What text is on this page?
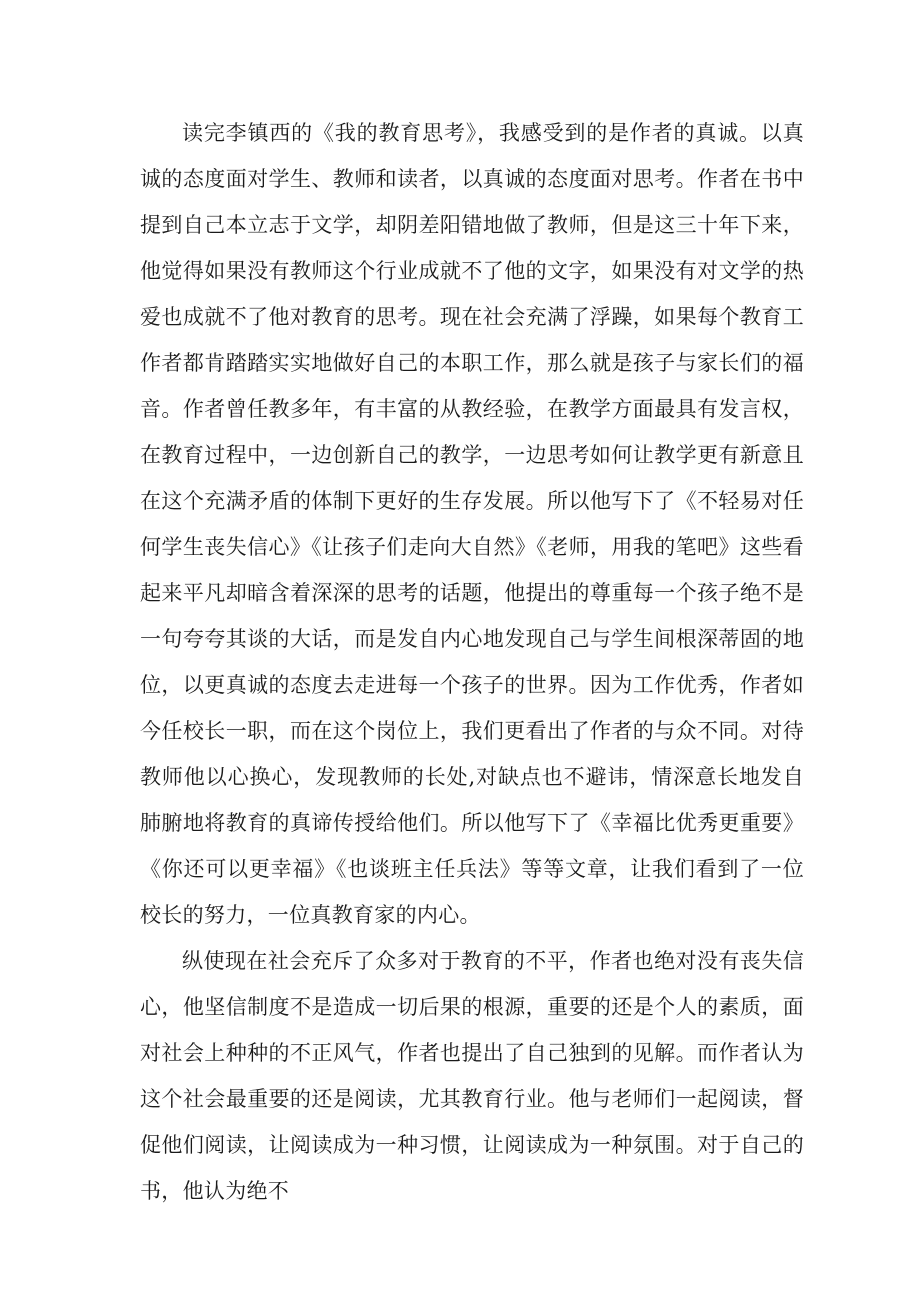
读完李镇西的《我的教育思考》，我感受到的是作者的真诚。以真诚的态度面对学生、教师和读者，以真诚的态度面对思考。作者在书中提到自己本立志于文学，却阴差阳错地做了教师，但是这三十年下来，他觉得如果没有教师这个行业成就不了他的文字，如果没有对文学的热爱也成就不了他对教育的思考。现在社会充满了浮躁，如果每个教育工作者都肯踏踏实实地做好自己的本职工作，那么就是孩子与家长们的福音。作者曾任教多年，有丰富的从教经验，在教学方面最具有发言权，在教育过程中，一边创新自己的教学，一边思考如何让教学更有新意且在这个充满矛盾的体制下更好的生存发展。所以他写下了《不轻易对任何学生丧失信心》《让孩子们走向大自然》《老师，用我的笔吧》这些看起来平凡却暗含着深深的思考的话题，他提出的尊重每一个孩子绝不是一句夸夸其谈的大话，而是发自内心地发现自己与学生间根深蒂固的地位，以更真诚的态度去走进每一个孩子的世界。因为工作优秀，作者如今任校长一职，而在这个岗位上，我们更看出了作者的与众不同。对待教师他以心换心，发现教师的长处,对缺点也不避讳，情深意长地发自肺腑地将教育的真谛传授给他们。所以他写下了《幸福比优秀更重要》《你还可以更幸福》《也谈班主任兵法》等等文章，让我们看到了一位校长的努力，一位真教育家的内心。

纵使现在社会充斥了众多对于教育的不平，作者也绝对没有丧失信心，他坚信制度不是造成一切后果的根源，重要的还是个人的素质，面对社会上种种的不正风气，作者也提出了自己独到的见解。而作者认为这个社会最重要的还是阅读，尤其教育行业。他与老师们一起阅读，督促他们阅读，让阅读成为一种习惯，让阅读成为一种氛围。对于自己的书，他认为绝不
